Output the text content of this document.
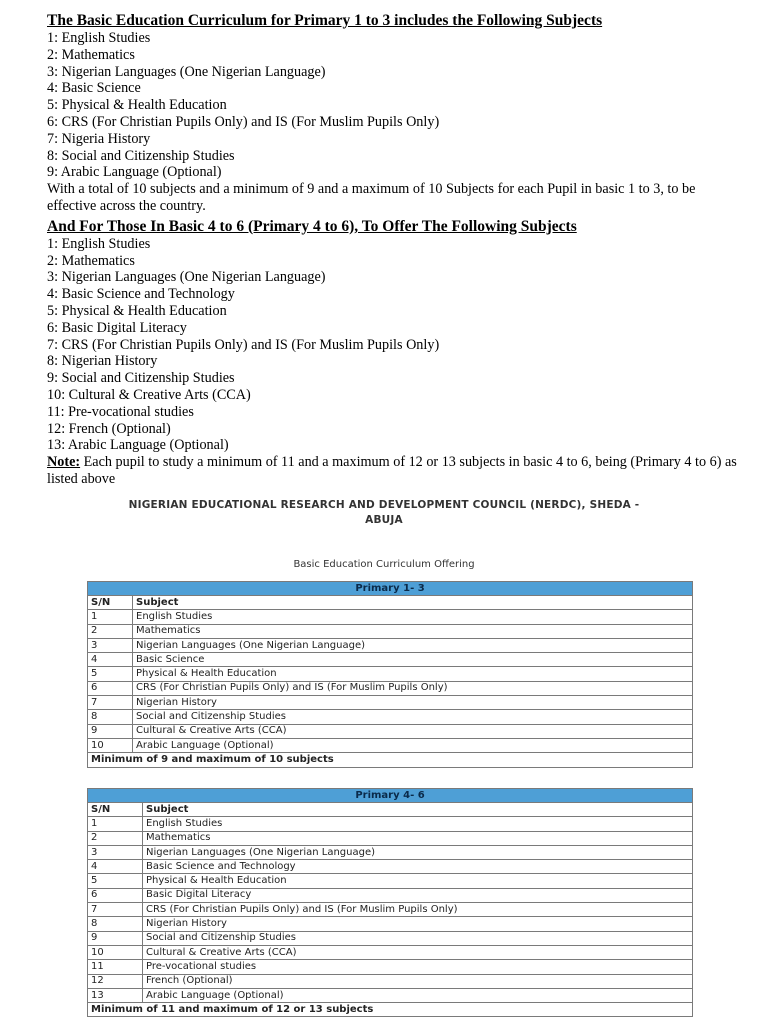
The Basic Education Curriculum for Primary 1 to 3 includes the Following Subjects

1: English Studies

2: Mathematics

3: Nigerian Languages (One Nigerian Language)

4: Basic Science

5: Physical & Health Education

6: CRS (For Christian Pupils Only) and IS (For Muslim Pupils Only)

7: Nigeria History

8: Social and Citizenship Studies

9: Arabic Language (Optional)

With a total of 10 subjects and a minimum of 9 and a maximum of 10 Subjects for each Pupil in basic 1 to 3, to be effective across the country.

And For Those In Basic 4 to 6 (Primary 4 to 6), To Offer The Following Subjects

1: English Studies

2: Mathematics

3: Nigerian Languages (One Nigerian Language)

4: Basic Science and Technology

5: Physical & Health Education

6: Basic Digital Literacy

7: CRS (For Christian Pupils Only) and IS (For Muslim Pupils Only)

8: Nigerian History

9: Social and Citizenship Studies

10: Cultural & Creative Arts (CCA)

11: Pre-vocational studies

12: French (Optional)

13: Arabic Language (Optional)

Note: Each pupil to study a minimum of 11 and a maximum of 12 or 13 subjects in basic 4 to 6, being (Primary 4 to 6) as listed above

NIGERIAN EDUCATIONAL RESEARCH AND DEVELOPMENT COUNCIL (NERDC), SHEDA -
ABUJA
Basic Education Curriculum Offering
Primary 1- 3	
S/N	Subject
1	English Studies
2	Mathematics
3	Nigerian Languages (One Nigerian Language)
4	Basic Science
5	Physical & Health Education
6	CRS (For Christian Pupils Only) and IS (For Muslim Pupils Only)
7	Nigerian History
8	Social and Citizenship Studies
9	Cultural & Creative Arts (CCA)
10	Arabic Language (Optional)
Minimum of 9 and maximum of 10 subjects	
Primary 4- 6	
S/N	Subject
1	English Studies
2	Mathematics
3	Nigerian Languages (One Nigerian Language)
4	Basic Science and Technology
5	Physical & Health Education
6	Basic Digital Literacy
7	CRS (For Christian Pupils Only) and IS (For Muslim Pupils Only)
8	Nigerian History
9	Social and Citizenship Studies
10	Cultural & Creative Arts (CCA)
11	Pre-vocational studies
12	French (Optional)
13	Arabic Language (Optional)
Minimum of 11 and maximum of 12 or 13 subjects	
